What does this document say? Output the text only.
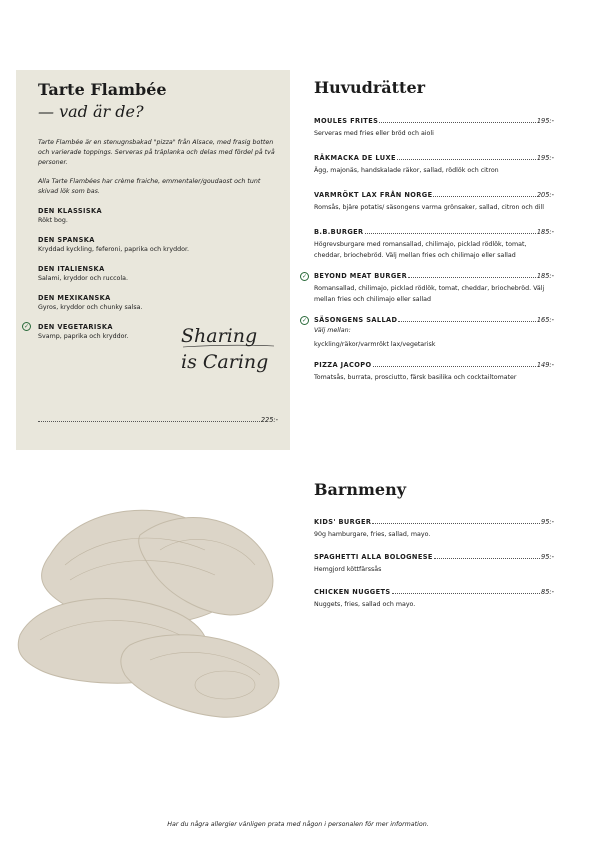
Tarte Flambée
— vad är de?

Tarte Flambée är en stenugnsbakad "pizza" från Alsace, med frasig botten och varierade toppings. Serveras på träplanka och delas med fördel på två personer.

Alla Tarte Flambées har crème fraiche, emmentaler/goudaost och tunt skivad lök som bas.

DEN KLASSISKA
Rökt bog.
DEN SPANSKA
Kryddad kyckling, feferoni, paprika och kryddor.
DEN ITALIENSKA
Salami, kryddor och ruccola.
DEN MEXIKANSKA
Gyros, kryddor och chunky salsa.
✓	DEN VEGETARISKA
Svamp, paprika och kryddor.	Sharing
is Caring
225:-
Huvudrätter
MOULES FRITES	195:-
Serveras med fries eller bröd och aioli
RÄKMACKA DE LUXE	195:-
Ägg, majonäs, handskalade räkor, sallad, rödlök och citron
VARMRÖKT LAX FRÅN NORGE	205:-
Romsås, bjäre potatis/ säsongens varma grönsaker, sallad, citron och dill
B.B.BURGER	185:-
Högrevsburgare med romansallad, chilimajo, picklad rödlök, tomat, cheddar, briochebröd. Välj mellan fries och chilimajo eller sallad
✓	BEYOND MEAT BURGER	185:-
Romansallad, chilimajo, picklad rödlök, tomat, cheddar, briochebröd. Välj mellan fries och chilimajo eller sallad
✓	SÄSONGENS SALLAD	165:-
Välj mellan:
kyckling/räkor/varmrökt lax/vegetarisk
PIZZA JACOPO	149:-
Tomatsås, burrata, prosciutto, färsk basilika och cocktailtomater
Barnmeny
KIDS' BURGER	95:-
90g hamburgare, fries, sallad, mayo.
SPAGHETTI ALLA BOLOGNESE	95:-
Hemgjord köttfärssås
CHICKEN NUGGETS	85:-
Nuggets, fries, sallad och mayo.
Har du några allergier vänligen prata med någon i personalen för mer information.
